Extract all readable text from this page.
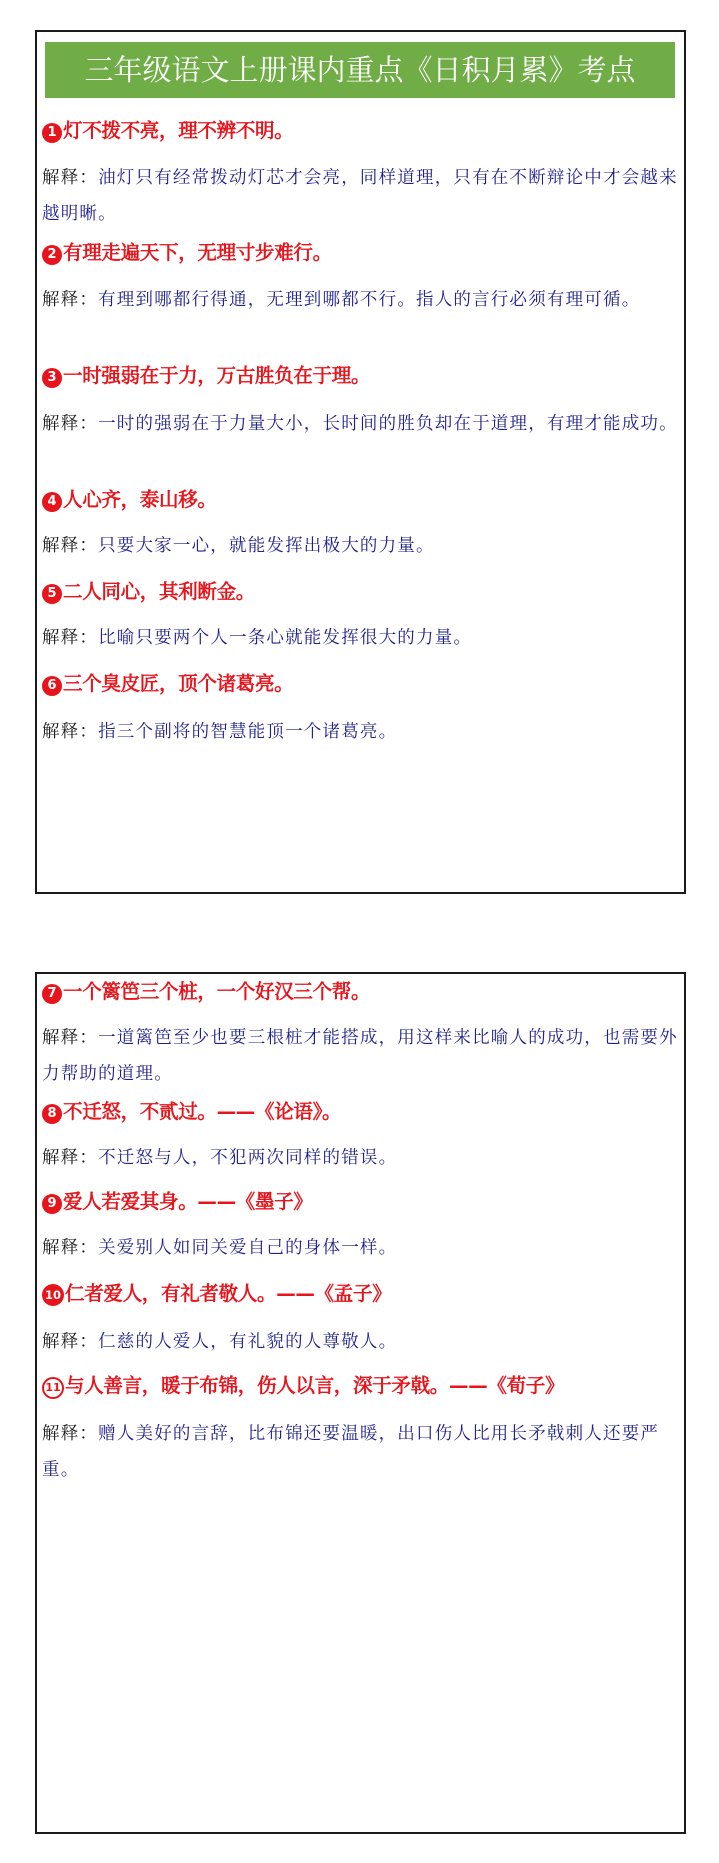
三年级语文上册课内重点《日积月累》考点
1 灯不拨不亮，理不辨不明。
解释：油灯只有经常拨动灯芯才会亮，同样道理，只有在不断辩论中才会越来越明晰。
2 有理走遍天下，无理寸步难行。
解释：有理到哪都行得通，无理到哪都不行。指人的言行必须有理可循。
3 一时强弱在于力，万古胜负在于理。
解释：一时的强弱在于力量大小，长时间的胜负却在于道理，有理才能成功。
4 人心齐，泰山移。
解释：只要大家一心，就能发挥出极大的力量。
5 二人同心，其利断金。
解释：比喻只要两个人一条心就能发挥很大的力量。
6 三个臭皮匠，顶个诸葛亮。
解释：指三个副将的智慧能顶一个诸葛亮。
7 一个篱笆三个桩，一个好汉三个帮。
解释：一道篱笆至少也要三根桩才能搭成，用这样来比喻人的成功，也需要外力帮助的道理。
8 不迁怒，不贰过。——《论语》。
解释：不迁怒与人，不犯两次同样的错误。
9 爱人若爱其身。——《墨子》
解释：关爱别人如同关爱自己的身体一样。
10 仁者爱人，有礼者敬人。——《孟子》
解释：仁慈的人爱人，有礼貌的人尊敬人。
11 与人善言，暖于布锦，伤人以言，深于矛戟。——《荀子》
解释：赠人美好的言辞，比布锦还要温暖，出口伤人比用长矛戟刺人还要严重。
